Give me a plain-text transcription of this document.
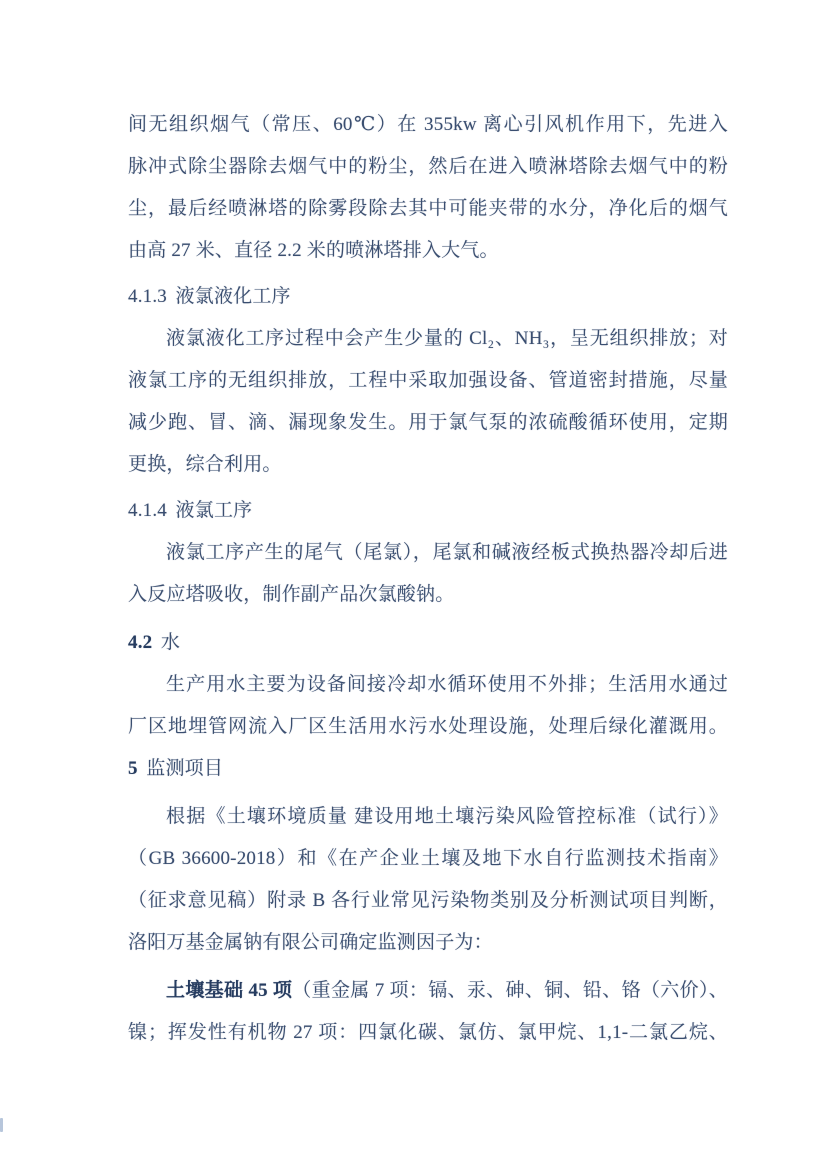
间无组织烟气（常压、60℃）在 355kw 离心引风机作用下，先进入
脉冲式除尘器除去烟气中的粉尘，然后在进入喷淋塔除去烟气中的粉
尘，最后经喷淋塔的除雾段除去其中可能夹带的水分，净化后的烟气
由高 27 米、直径 2.2 米的喷淋塔排入大气。
4.1.3 液氯液化工序
液氯液化工序过程中会产生少量的 Cl₂、NH₃，呈无组织排放；对
液氯工序的无组织排放，工程中采取加强设备、管道密封措施，尽量
减少跑、冒、滴、漏现象发生。用于氯气泵的浓硫酸循环使用，定期
更换，综合利用。
4.1.4 液氯工序
液氯工序产生的尾气（尾氯），尾氯和碱液经板式换热器冷却后进
入反应塔吸收，制作副产品次氯酸钠。
4.2 水
生产用水主要为设备间接冷却水循环使用不外排；生活用水通过
厂区地埋管网流入厂区生活用水污水处理设施，处理后绿化灌溉用。
5 监测项目
根据《土壤环境质量 建设用地土壤污染风险管控标准（试行）》
（GB 36600-2018）和《在产企业土壤及地下水自行监测技术指南》
（征求意见稿）附录 B 各行业常见污染物类别及分析测试项目判断，
洛阳万基金属钠有限公司确定监测因子为：
土壤基础 45 项（重金属 7 项：镉、汞、砷、铜、铅、铬（六价）、
镍；挥发性有机物 27 项：四氯化碳、氯仿、氯甲烷、1,1-二氯乙烷、
